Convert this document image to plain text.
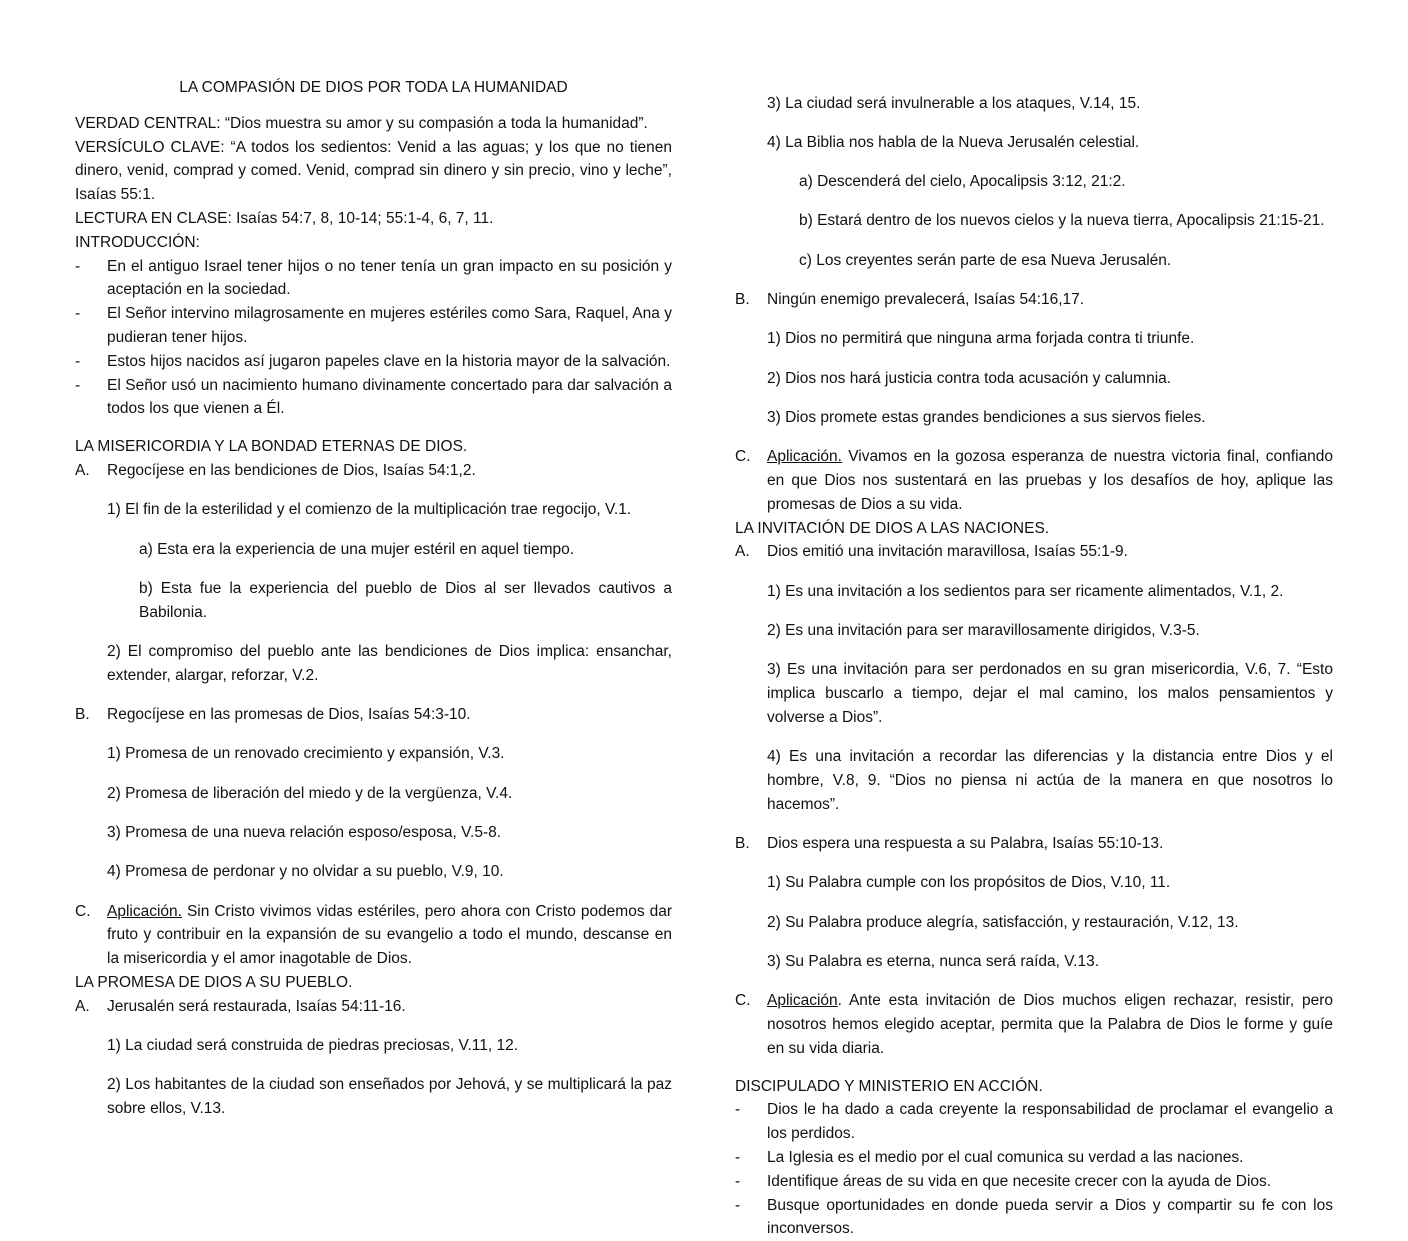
LA COMPASIÓN DE DIOS POR TODA LA HUMANIDAD

VERDAD CENTRAL: “Dios muestra su amor y su compasión a toda la humanidad”.

VERSÍCULO CLAVE: “A todos los sedientos: Venid a las aguas; y los que no tienen dinero, venid, comprad y comed. Venid, comprad sin dinero y sin precio, vino y leche”, Isaías 55:1.

LECTURA EN CLASE: Isaías 54:7, 8, 10-14; 55:1-4, 6, 7, 11.

INTRODUCCIÓN:

-	En el antiguo Israel tener hijos o no tener tenía un gran impacto en su posición y aceptación en la sociedad.
-	El Señor intervino milagrosamente en mujeres estériles como Sara, Raquel, Ana y pudieran tener hijos.
-	Estos hijos nacidos así jugaron papeles clave en la historia mayor de la salvación.
-	El Señor usó un nacimiento humano divinamente concertado para dar salvación a todos los que vienen a Él.

LA MISERICORDIA Y LA BONDAD ETERNAS DE DIOS.

A.	Regocíjese en las bendiciones de Dios, Isaías 54:1,2.

1) El fin de la esterilidad y el comienzo de la multiplicación trae regocijo, V.1.

a) Esta era la experiencia de una mujer estéril en aquel tiempo.

b) Esta fue la experiencia del pueblo de Dios al ser llevados cautivos a Babilonia.

2) El compromiso del pueblo ante las bendiciones de Dios implica: ensanchar, extender, alargar, reforzar, V.2.

B.	Regocíjese en las promesas de Dios, Isaías 54:3-10.

1) Promesa de un renovado crecimiento y expansión, V.3.

2) Promesa de liberación del miedo y de la vergüenza, V.4.

3) Promesa de una nueva relación esposo/esposa, V.5-8.

4) Promesa de perdonar y no olvidar a su pueblo, V.9, 10.

C.	Aplicación. Sin Cristo vivimos vidas estériles, pero ahora con Cristo podemos dar fruto y contribuir en la expansión de su evangelio a todo el mundo, descanse en la misericordia y el amor inagotable de Dios.

LA PROMESA DE DIOS A SU PUEBLO.

A.	Jerusalén será restaurada, Isaías 54:11-16.

1) La ciudad será construida de piedras preciosas, V.11, 12.

2) Los habitantes de la ciudad son enseñados por Jehová, y se multiplicará la paz sobre ellos, V.13.

3) La ciudad será invulnerable a los ataques, V.14, 15.

4) La Biblia nos habla de la Nueva Jerusalén celestial.

a) Descenderá del cielo, Apocalipsis 3:12, 21:2.

b) Estará dentro de los nuevos cielos y la nueva tierra, Apocalipsis 21:15-21.

c) Los creyentes serán parte de esa Nueva Jerusalén.

B.	Ningún enemigo prevalecerá, Isaías 54:16,17.

1) Dios no permitirá que ninguna arma forjada contra ti triunfe.

2) Dios nos hará justicia contra toda acusación y calumnia.

3) Dios promete estas grandes bendiciones a sus siervos fieles.

C.	Aplicación. Vivamos en la gozosa esperanza de nuestra victoria final, confiando en que Dios nos sustentará en las pruebas y los desafíos de hoy, aplique las promesas de Dios a su vida.

LA INVITACIÓN DE DIOS A LAS NACIONES.

A.	Dios emitió una invitación maravillosa, Isaías 55:1-9.

1) Es una invitación a los sedientos para ser ricamente alimentados, V.1, 2.

2) Es una invitación para ser maravillosamente dirigidos, V.3-5.

3) Es una invitación para ser perdonados en su gran misericordia, V.6, 7. “Esto implica buscarlo a tiempo, dejar el mal camino, los malos pensamientos y volverse a Dios”.

4) Es una invitación a recordar las diferencias y la distancia entre Dios y el hombre, V.8, 9. “Dios no piensa ni actúa de la manera en que nosotros lo hacemos”.

B.	Dios espera una respuesta a su Palabra, Isaías 55:10-13.

1) Su Palabra cumple con los propósitos de Dios, V.10, 11.

2) Su Palabra produce alegría, satisfacción, y restauración, V.12, 13.

3) Su Palabra es eterna, nunca será raída, V.13.

C.	Aplicación. Ante esta invitación de Dios muchos eligen rechazar, resistir, pero nosotros hemos elegido aceptar, permita que la Palabra de Dios le forme y guíe en su vida diaria.

DISCIPULADO Y MINISTERIO EN ACCIÓN.

-	Dios le ha dado a cada creyente la responsabilidad de proclamar el evangelio a los perdidos.
-	La Iglesia es el medio por el cual comunica su verdad a las naciones.
-	Identifique áreas de su vida en que necesite crecer con la ayuda de Dios.
-	Busque oportunidades en donde pueda servir a Dios y compartir su fe con los inconversos.
